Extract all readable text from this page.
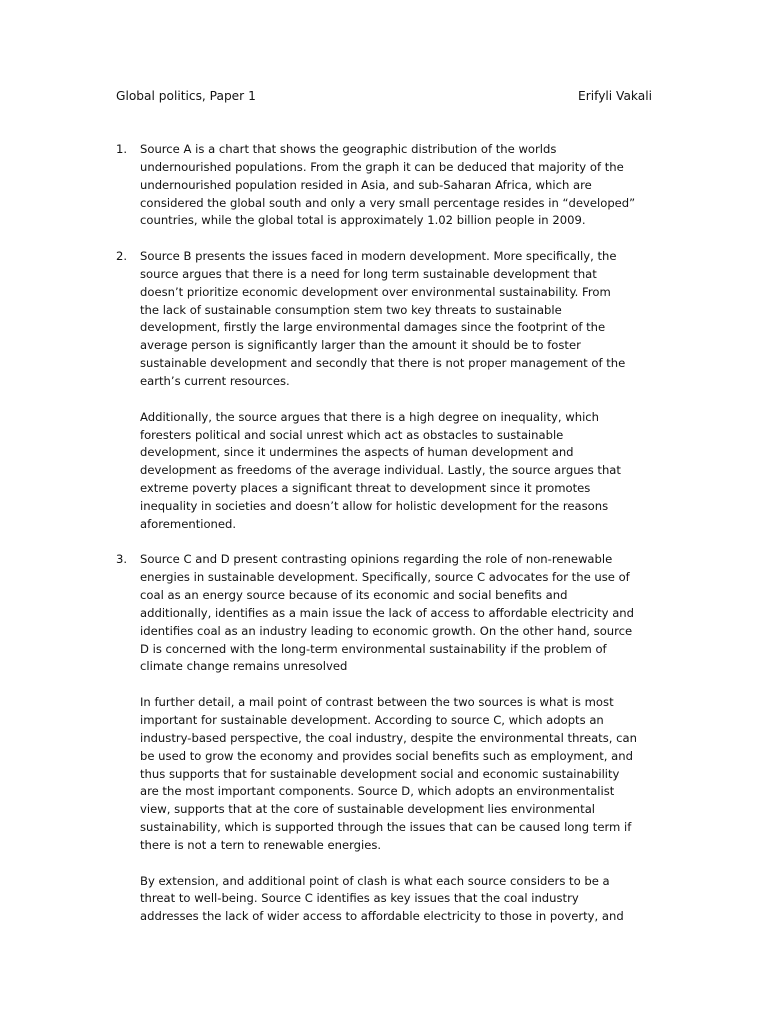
Global politics, Paper 1	Erifyli Vakali
1. Source A is a chart that shows the geographic distribution of the worlds
undernourished populations. From the graph it can be deduced that majority of the
undernourished population resided in Asia, and sub-Saharan Africa, which are
considered the global south and only a very small percentage resides in “developed”
countries, while the global total is approximately 1.02 billion people in 2009.

2. Source B presents the issues faced in modern development. More specifically, the
source argues that there is a need for long term sustainable development that
doesn’t prioritize economic development over environmental sustainability. From
the lack of sustainable consumption stem two key threats to sustainable
development, firstly the large environmental damages since the footprint of the
average person is significantly larger than the amount it should be to foster
sustainable development and secondly that there is not proper management of the
earth’s current resources.

Additionally, the source argues that there is a high degree on inequality, which
foresters political and social unrest which act as obstacles to sustainable
development, since it undermines the aspects of human development and
development as freedoms of the average individual. Lastly, the source argues that
extreme poverty places a significant threat to development since it promotes
inequality in societies and doesn’t allow for holistic development for the reasons
aforementioned.

3. Source C and D present contrasting opinions regarding the role of non-renewable
energies in sustainable development. Specifically, source C advocates for the use of
coal as an energy source because of its economic and social benefits and
additionally, identifies as a main issue the lack of access to affordable electricity and
identifies coal as an industry leading to economic growth. On the other hand, source
D is concerned with the long-term environmental sustainability if the problem of
climate change remains unresolved

In further detail, a mail point of contrast between the two sources is what is most
important for sustainable development. According to source C, which adopts an
industry-based perspective, the coal industry, despite the environmental threats, can
be used to grow the economy and provides social benefits such as employment, and
thus supports that for sustainable development social and economic sustainability
are the most important components. Source D, which adopts an environmentalist
view, supports that at the core of sustainable development lies environmental
sustainability, which is supported through the issues that can be caused long term if
there is not a tern to renewable energies.

By extension, and additional point of clash is what each source considers to be a
threat to well-being. Source C identifies as key issues that the coal industry
addresses the lack of wider access to affordable electricity to those in poverty, and
